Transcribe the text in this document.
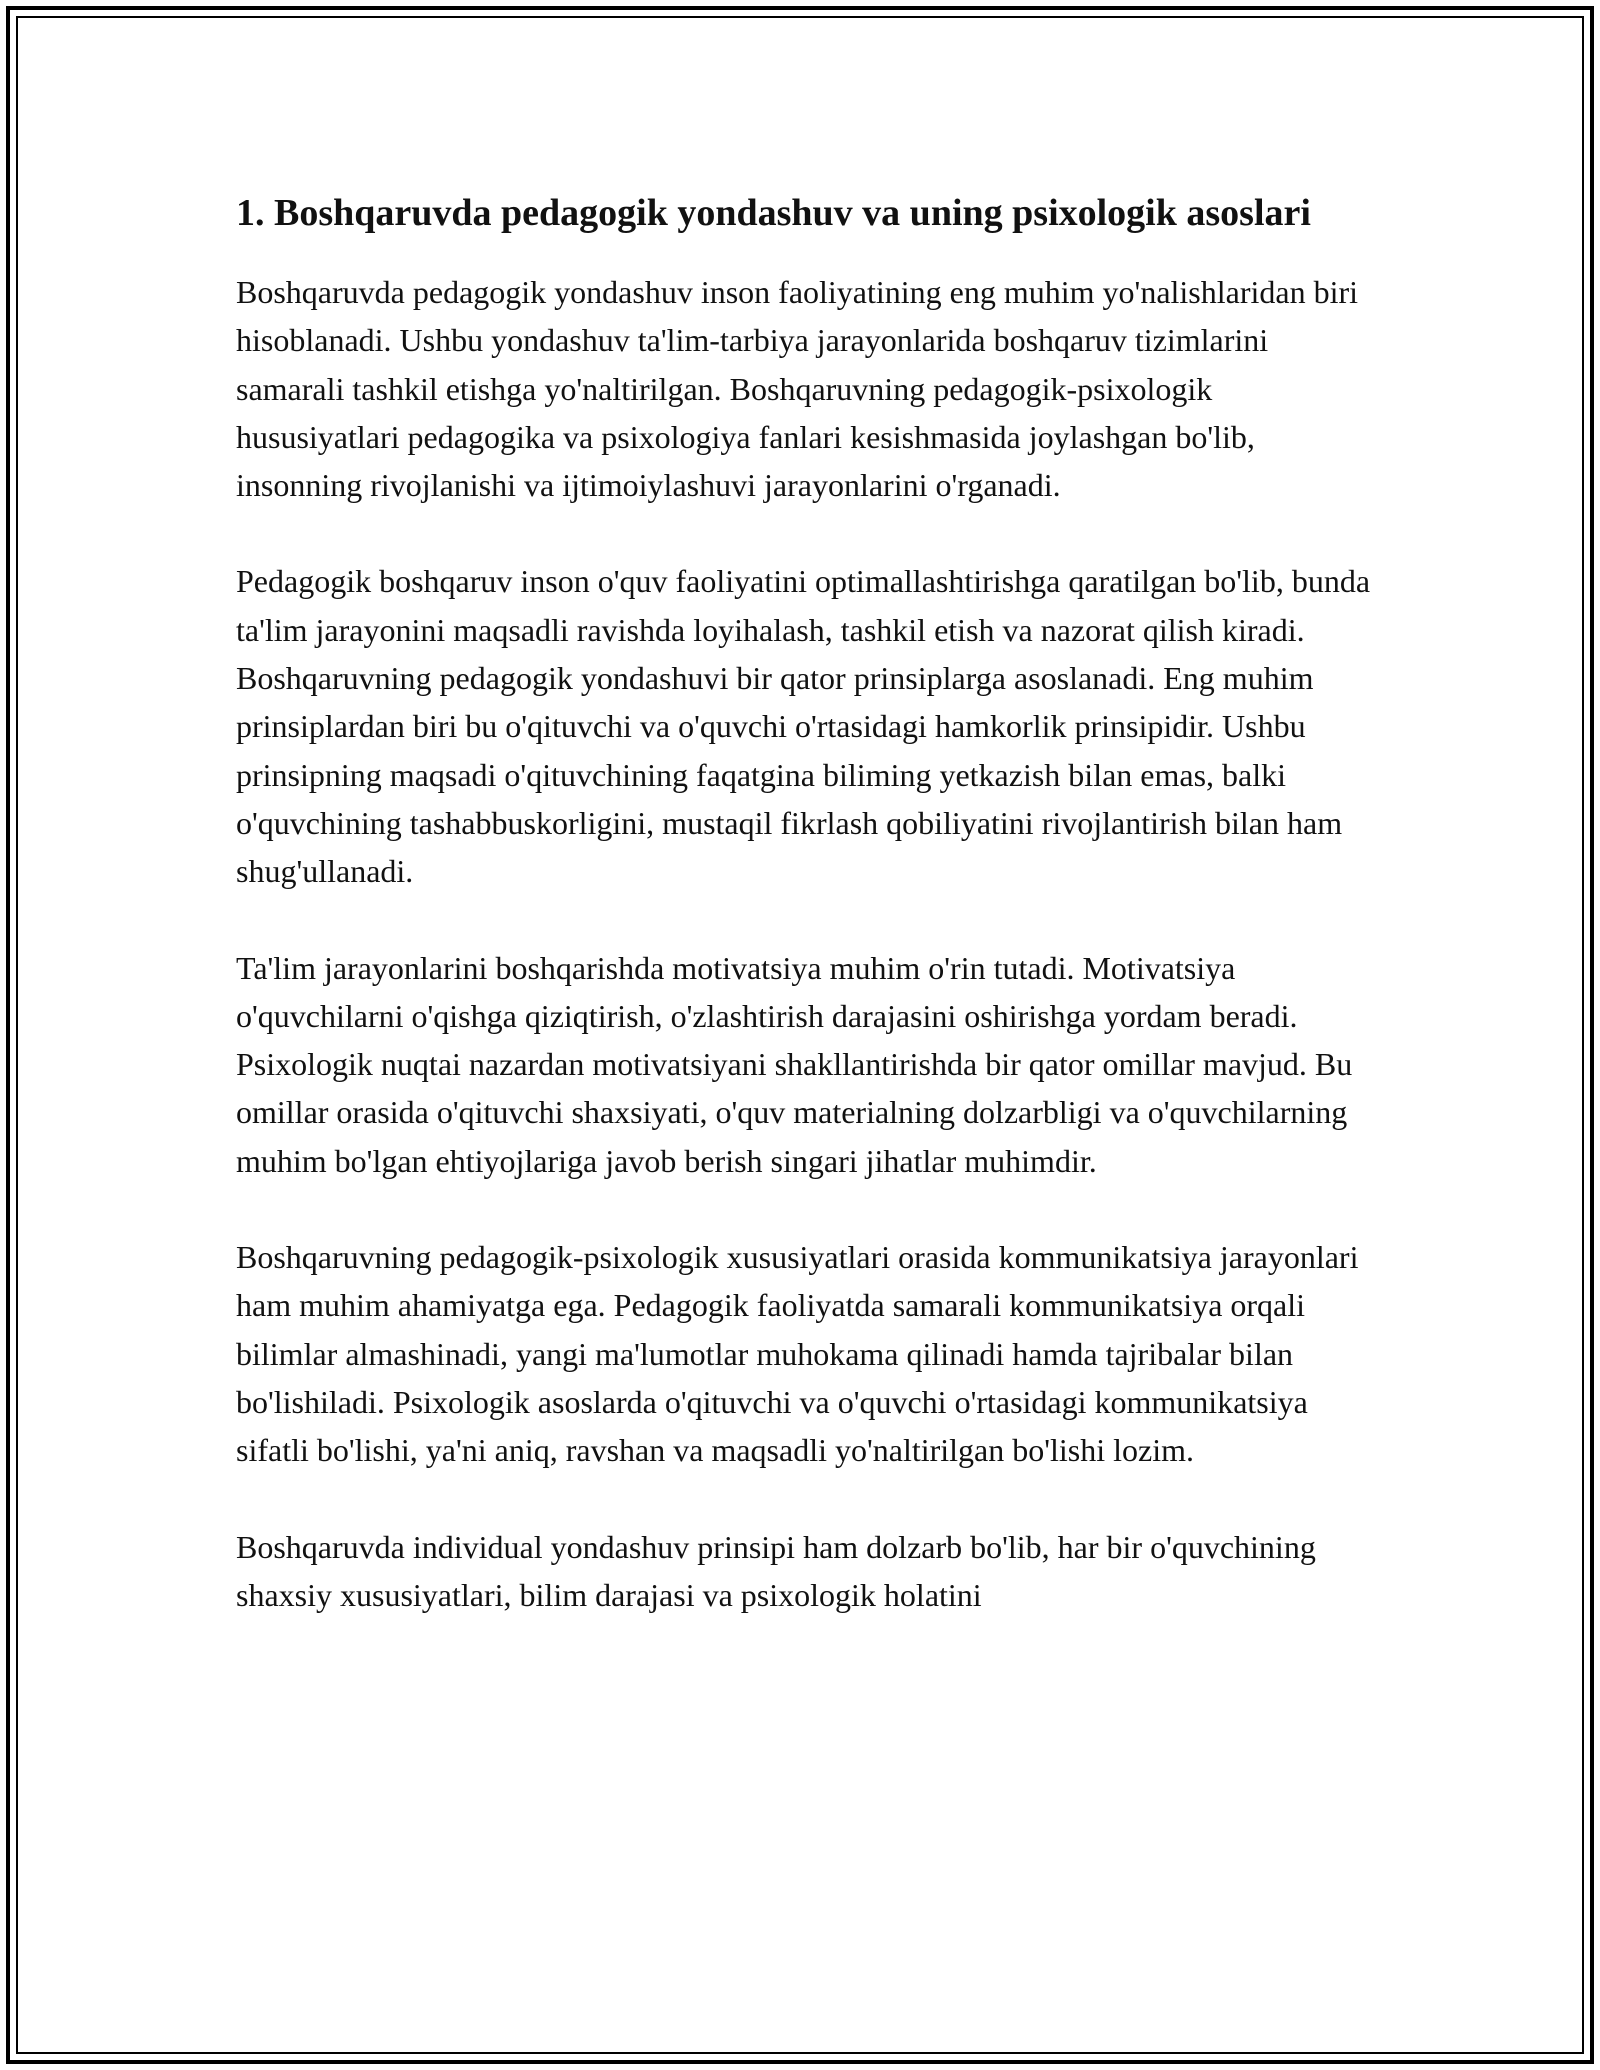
1. Boshqaruvda pedagogik yondashuv va uning psixologik asoslari

Boshqaruvda pedagogik yondashuv inson faoliyatining eng muhim yo'nalishlaridan biri hisoblanadi. Ushbu yondashuv ta'lim-tarbiya jarayonlarida boshqaruv tizimlarini samarali tashkil etishga yo'naltirilgan. Boshqaruvning pedagogik-psixologik hususiyatlari pedagogika va psixologiya fanlari kesishmasida joylashgan bo'lib, insonning rivojlanishi va ijtimoiylashuvi jarayonlarini o'rganadi.

Pedagogik boshqaruv inson o'quv faoliyatini optimallashtirishga qaratilgan bo'lib, bunda ta'lim jarayonini maqsadli ravishda loyihalash, tashkil etish va nazorat qilish kiradi. Boshqaruvning pedagogik yondashuvi bir qator prinsiplarga asoslanadi. Eng muhim prinsiplardan biri bu o'qituvchi va o'quvchi o'rtasidagi hamkorlik prinsipidir. Ushbu prinsipning maqsadi o'qituvchining faqatgina biliming yetkazish bilan emas, balki o'quvchining tashabbuskorligini, mustaqil fikrlash qobiliyatini rivojlantirish bilan ham shug'ullanadi.

Ta'lim jarayonlarini boshqarishda motivatsiya muhim o'rin tutadi. Motivatsiya o'quvchilarni o'qishga qiziqtirish, o'zlashtirish darajasini oshirishga yordam beradi. Psixologik nuqtai nazardan motivatsiyani shakllantirishda bir qator omillar mavjud. Bu omillar orasida o'qituvchi shaxsiyati, o'quv materialning dolzarbligi va o'quvchilarning muhim bo'lgan ehtiyojlariga javob berish singari jihatlar muhimdir.

Boshqaruvning pedagogik-psixologik xususiyatlari orasida kommunikatsiya jarayonlari ham muhim ahamiyatga ega. Pedagogik faoliyatda samarali kommunikatsiya orqali bilimlar almashinadi, yangi ma'lumotlar muhokama qilinadi hamda tajribalar bilan bo'lishiladi. Psixologik asoslarda o'qituvchi va o'quvchi o'rtasidagi kommunikatsiya sifatli bo'lishi, ya'ni aniq, ravshan va maqsadli yo'naltirilgan bo'lishi lozim.

Boshqaruvda individual yondashuv prinsipi ham dolzarb bo'lib, har bir o'quvchining shaxsiy xususiyatlari, bilim darajasi va psixologik holatini
